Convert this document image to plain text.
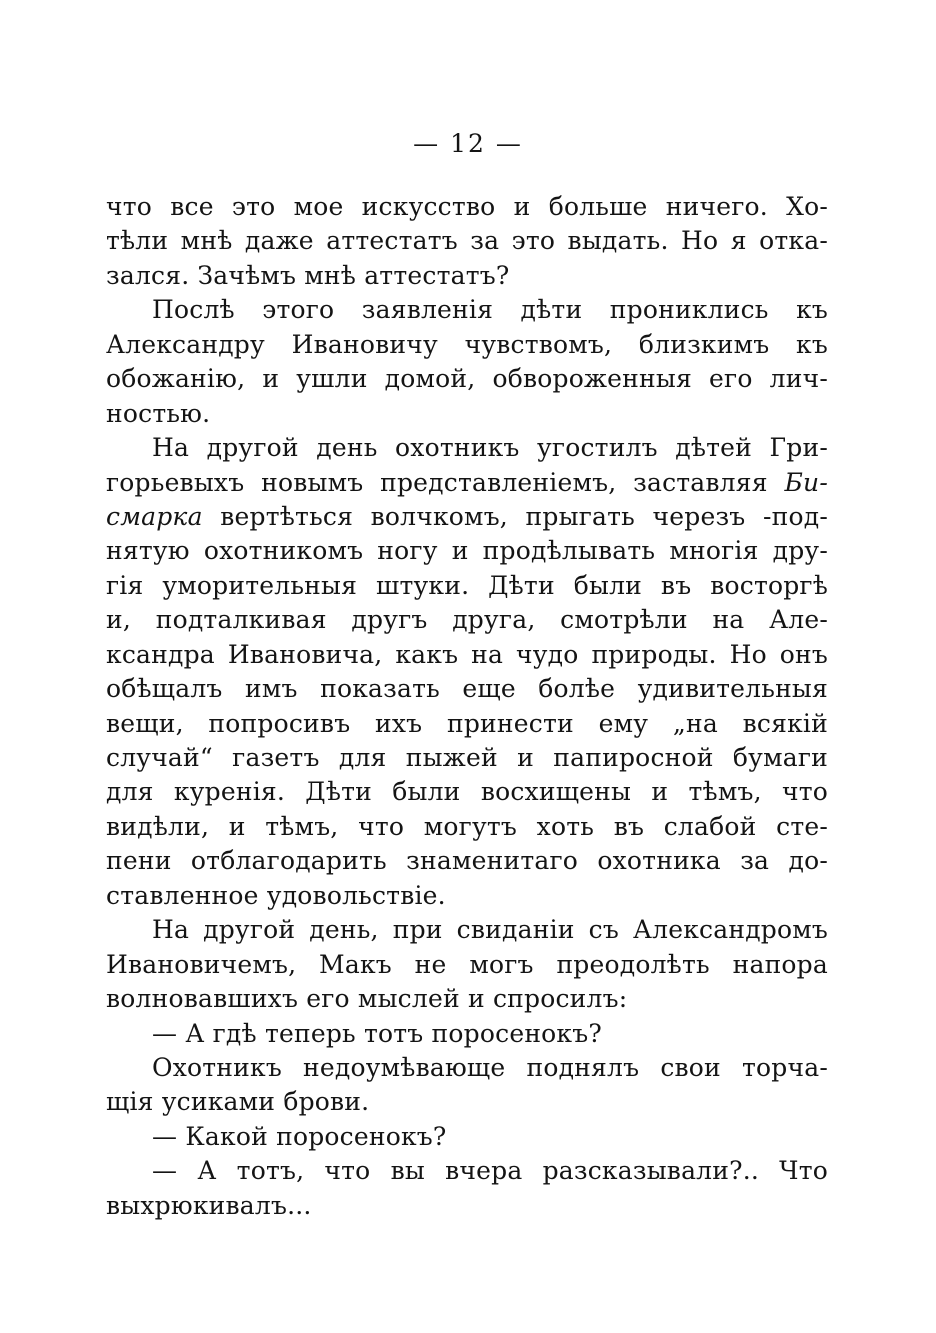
— 12 —
что все это мое искусство и больше ничего. Хо-
тѣли мнѣ даже аттестатъ за это выдать. Но я отка-
зался. Зачѣмъ мнѣ аттестатъ?
Послѣ этого заявленія дѣти проникли‌сь къ
Александру Ивановичу чувствомъ, близкимъ къ
обожанію, и ушли домой, обвороженныя его лич-
ностью.
На другой день охотникъ угостилъ дѣтей Гри-
горьевыхъ новымъ представленіемъ, заставляя Би-
смарка вертѣться волчкомъ, прыгать черезъ -под-
нятую охотникомъ ногу и продѣлывать многія дру-
гія уморительныя штуки. Дѣти были въ восторгѣ
и, подталкивая другъ друга, смотрѣли на Але-
ксандра Ивановича, какъ на чудо природы. Но онъ
обѣщалъ имъ показать еще болѣе удивительныя
вещи, попросивъ ихъ принести ему „на всякій
случай“ газетъ для пыжей и папиросной бумаги
для куренія. Дѣти были восхищены и тѣмъ, что
видѣли, и тѣмъ, что могутъ хоть въ слабой сте-
пени отблагодарить знаменитаго охотника за до-
ставленное удовольствіе.
На другой день, при свиданіи съ Александромъ
Ивановичемъ, Макъ не могъ преодолѣть напора
волновавшихъ его мыслей и спросилъ:
— А гдѣ теперь тотъ поросенокъ?
Охотникъ недоумѣвающе поднялъ свои торча-
щія усиками брови.
— Какой поросенокъ?
— А тотъ, что вы вчера разсказывали?.. Что
выхрюкивалъ...
